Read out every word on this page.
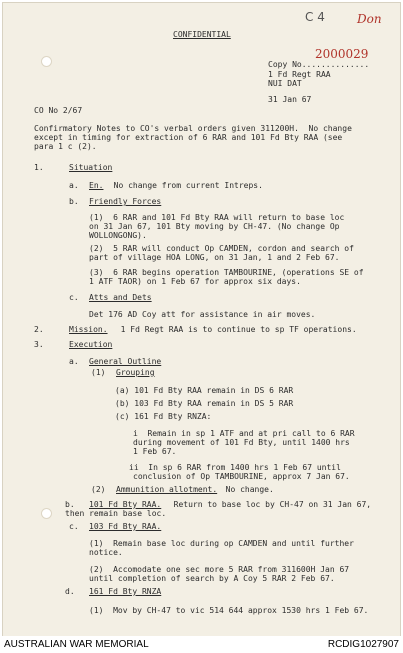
CONFIDENTIAL
C 4	Don
2000029
Copy No..............
1 Fd Regt RAA
NUI DAT
31 Jan 67
CO No 2/67
Confirmatory Notes to CO's verbal orders given 311200H.  No change
except in timing for extraction of 6 RAR and 101 Fd Bty RAA (see
para 1 c (2).
1.	Situation
a. En. No change from current Intreps.
b. Friendly Forces
(1)  6 RAR and 101 Fd Bty RAA will return to base loc
on 31 Jan 67, 101 Bty moving by CH-47. (No change Op
WOLLONGONG).
(2)  5 RAR will conduct Op CAMDEN, cordon and search of
part of village HOA LONG, on 31 Jan, 1 and 2 Feb 67.
(3)  6 RAR begins operation TAMBOURINE, (operations SE of
1 ATF TAOR) on 1 Feb 67 for approx six days.
c. Atts and Dets
Det 176 AD Coy att for assistance in air moves.
2.	Mission. 1 Fd Regt RAA is to continue to sp TF operations.
3.	Execution
a. General Outline
(1) Grouping
(a) 101 Fd Bty RAA remain in DS 6 RAR
(b) 103 Fd Bty RAA remain in DS 5 RAR
(c) 161 Fd Bty RNZA:
i  Remain in sp 1 ATF and at pri call to 6 RAR
during movement of 101 Fd Bty, until 1400 hrs
1 Feb 67.
ii  In sp 6 RAR from 1400 hrs 1 Feb 67 until
conclusion of Op TAMBOURINE, approx 7 Jan 67.
(2) Ammunition allotment.
No change.
b. 101 Fd Bty RAA. Return to base loc by CH-47 on 31 Jan 67,
then remain base loc.
c. 103 Fd Bty RAA.
(1)  Remain base loc during op CAMDEN and until further
notice.
(2)  Accomodate one sec more 5 RAR from 311600H Jan 67
until completion of search by A Coy 5 RAR 2 Feb 67.
d. 161 Fd Bty RNZA
(1)  Mov by CH-47 to vic 514 644 approx 1530 hrs 1 Feb 67.
AUSTRALIAN WAR MEMORIAL	RCDIG1027907
